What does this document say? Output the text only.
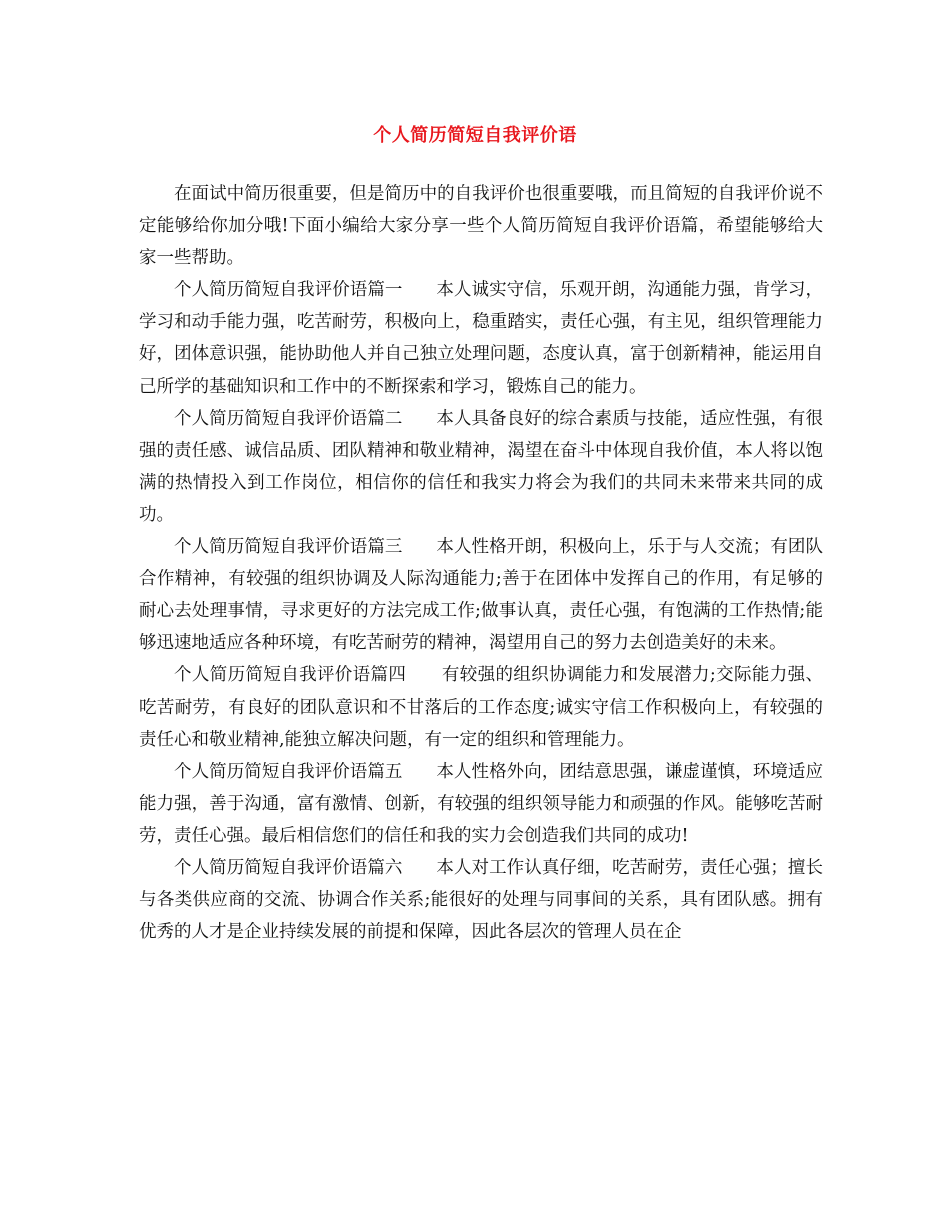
个人简历简短自我评价语

在面试中简历很重要，但是简历中的自我评价也很重要哦，而且简短的自我评价说不定能够给你加分哦!下面小编给大家分享一些个人简历简短自我评价语篇，希望能够给大家一些帮助。

个人简历简短自我评价语篇一 本人诚实守信，乐观开朗，沟通能力强，肯学习，学习和动手能力强，吃苦耐劳，积极向上，稳重踏实，责任心强，有主见，组织管理能力好，团体意识强，能协助他人并自己独立处理问题，态度认真，富于创新精神，能运用自己所学的基础知识和工作中的不断探索和学习，锻炼自己的能力。

个人简历简短自我评价语篇二 本人具备良好的综合素质与技能，适应性强，有很强的责任感、诚信品质、团队精神和敬业精神，渴望在奋斗中体现自我价值，本人将以饱满的热情投入到工作岗位，相信你的信任和我实力将会为我们的共同未来带来共同的成功。

个人简历简短自我评价语篇三 本人性格开朗，积极向上，乐于与人交流；有团队合作精神，有较强的组织协调及人际沟通能力;善于在团体中发挥自己的作用，有足够的耐心去处理事情，寻求更好的方法完成工作;做事认真，责任心强，有饱满的工作热情;能够迅速地适应各种环境，有吃苦耐劳的精神，渴望用自己的努力去创造美好的未来。

个人简历简短自我评价语篇四 有较强的组织协调能力和发展潜力;交际能力强、吃苦耐劳，有良好的团队意识和不甘落后的工作态度;诚实守信工作积极向上，有较强的责任心和敬业精神,能独立解决问题，有一定的组织和管理能力。

个人简历简短自我评价语篇五 本人性格外向，团结意思强，谦虚谨慎，环境适应能力强，善于沟通，富有激情、创新，有较强的组织领导能力和顽强的作风。能够吃苦耐劳，责任心强。最后相信您们的信任和我的实力会创造我们共同的成功!

个人简历简短自我评价语篇六 本人对工作认真仔细，吃苦耐劳，责任心强；擅长与各类供应商的交流、协调合作关系;能很好的处理与同事间的关系，具有团队感。拥有优秀的人才是企业持续发展的前提和保障，因此各层次的管理人员在企
